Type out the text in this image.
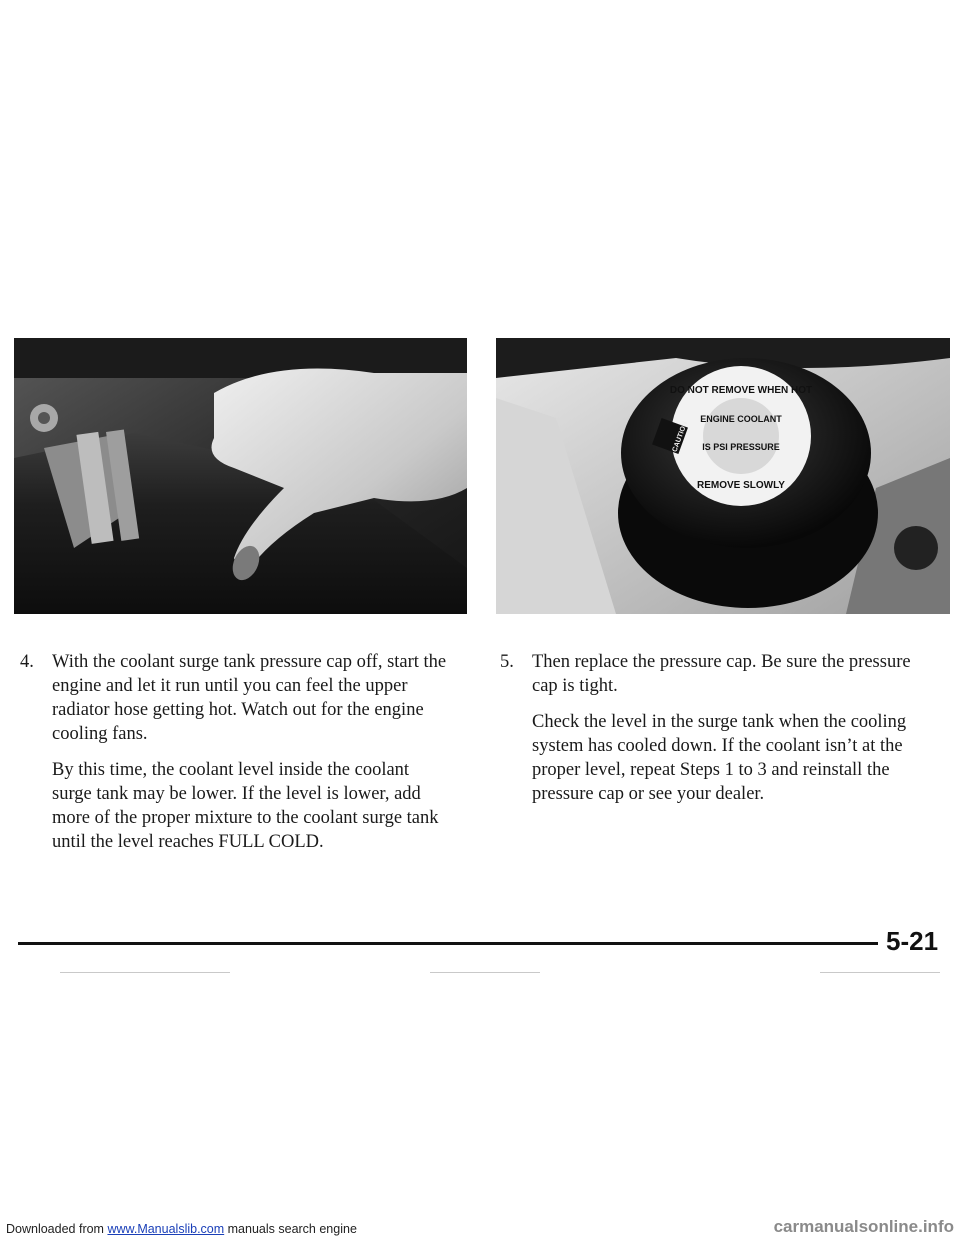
DO NOT REMOVE WHEN HOT
ENGINE COOLANT
IS PSI PRESSURE
REMOVE SLOWLY
CAUTION
4. With the coolant surge tank pressure cap off, start the engine and let it run until you can feel the upper radiator hose getting hot. Watch out for the engine cooling fans.

By this time, the coolant level inside the coolant surge tank may be lower. If the level is lower, add more of the proper mixture to the coolant surge tank until the level reaches FULL COLD.

5. Then replace the pressure cap. Be sure the pressure cap is tight.

Check the level in the surge tank when the cooling system has cooled down. If the coolant isn’t at the proper level, repeat Steps 1 to 3 and reinstall the pressure cap or see your dealer.

5-21
Downloaded from www.Manualslib.com manuals search engine	carmanualsonline.info
